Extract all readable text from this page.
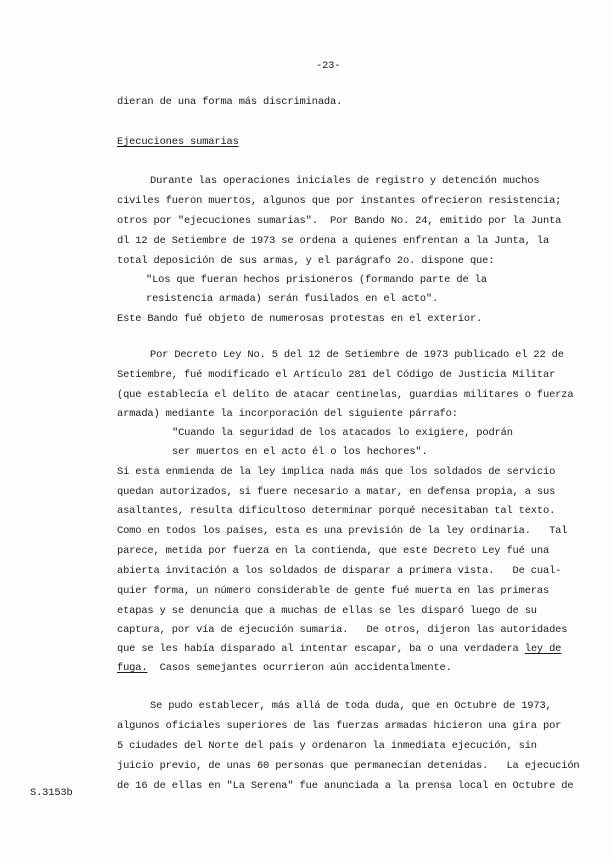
-23-
dieran de una forma más discriminada.
Ejecuciones sumarias
Durante las operaciones iniciales de registro y detención muchos
civiles fueron muertos, algunos que por instantes ofrecieron resistencia;
otros por "ejecuciones sumarias".  Por Bando No. 24, emitido por la Junta
dl 12 de Setiembre de 1973 se ordena a quienes enfrentan a la Junta, la
total deposición de sus armas, y el parágrafo 2o. dispone que:
"Los que fueran hechos prisioneros (formando parte de la
resistencia armada) serán fusilados en el acto".
Este Bando fué objeto de numerosas protestas en el exterior.
Por Decreto Ley No. 5 del 12 de Setiembre de 1973 publicado el 22 de
Setiembre, fué modificado el Artículo 281 del Código de Justicia Militar
(que establecía el delito de atacar centinelas, guardias militares o fuerza
armada) mediante la incorporación del siguiente párrafo:
"Cuando la seguridad de los atacados lo exigiere, podrán
ser muertos en el acto él o los hechores".
Si esta enmienda de la ley implica nada más que los soldados de servicio
quedan autorizados, si fuere necesario a matar, en defensa propia, a sus
asaltantes, resulta dificultoso determinar porqué necesitaban tal texto.
Como en todos los países, esta es una previsión de la ley ordinaria.   Tal
parece, metida por fuerza en la contienda, que este Decreto Ley fué una
abierta invitación a los soldados de disparar a primera vista.   De cual-
quier forma, un número considerable de gente fué muerta en las primeras
etapas y se denuncia que a muchas de ellas se les disparó luego de su
captura, por vía de ejecución sumaria.   De otros, dijeron las autoridades
que se les había disparado al intentar escapar, ba o una verdadera ley de
fuga.  Casos semejantes ocurrieron aún accidentalmente.
Se pudo establecer, más allá de toda duda, que en Octubre de 1973,
algunos oficiales superiores de las fuerzas armadas hicieron una gira por
5 ciudades del Norte del país y ordenaron la inmediata ejecución, sin
juicio previo, de unas 60 personas que permanecían detenidas.   La ejecución
de 16 de ellas en "La Serena" fue anunciada a la prensa local en Octubre de
S.3153b
